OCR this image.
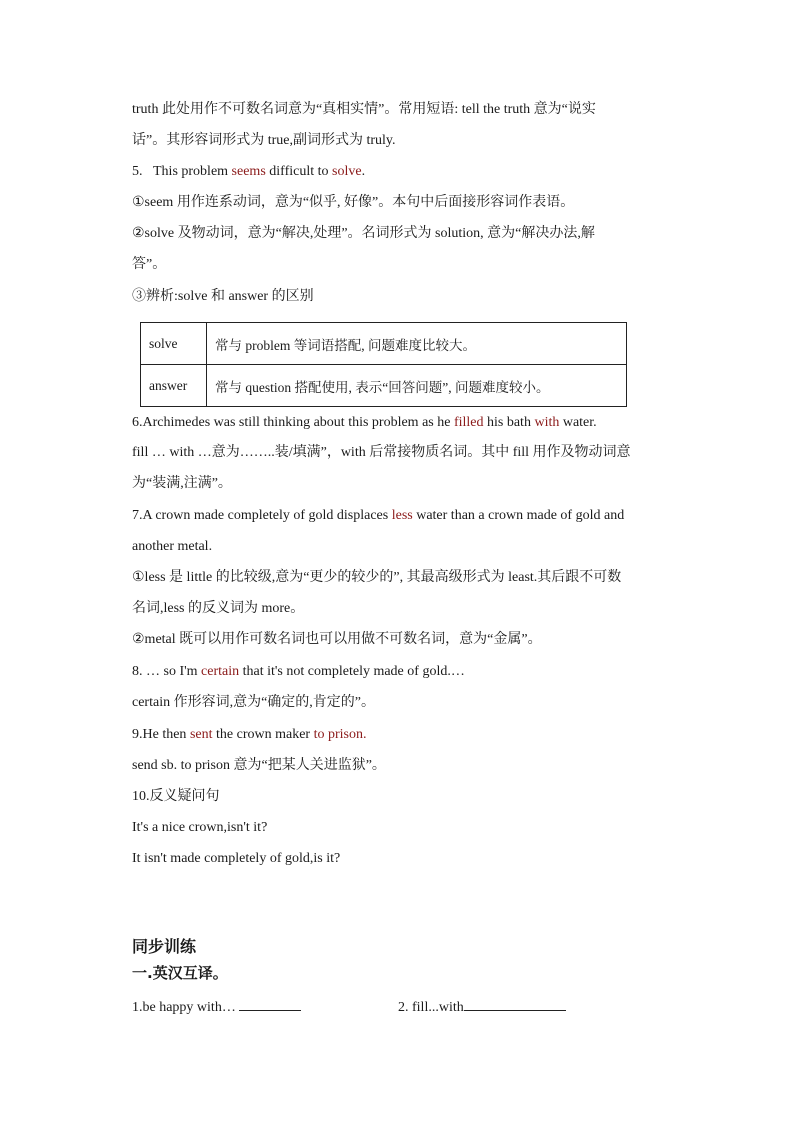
truth 此处用作不可数名词意为“真相实情”。常用短语: tell the truth 意为“说实
话”。其形容词形式为 true,副词形式为 truly.
5. This problem seems difficult to solve.
①seem 用作连系动词，意为“似乎, 好像”。本句中后面接形容词作表语。
②solve 及物动词，意为“解决,处理”。名词形式为 solution, 意为“解决办法,解
答”。
③辨析:solve 和 answer 的区别
solve	常与 problem 等词语搭配, 问题难度比较大。
answer	常与 question 搭配使用, 表示“回答问题”, 问题难度较小。
6.Archimedes was still thinking about this problem as he filled his bath with water.
fill … with …意为……..装/填满”，with 后常接物质名词。其中 fill 用作及物动词意
为“装满,注满”。
7.A crown made completely of gold displaces less water than a crown made of gold and
another metal.
①less 是 little 的比较级,意为“更少的较少的”, 其最高级形式为 least.其后跟不可数
名词,less 的反义词为 more。
②metal 既可以用作可数名词也可以用做不可数名词，意为“金属”。
8. … so I'm certain that it's not completely made of gold.…
certain 作形容词,意为“确定的,肯定的”。
9.He then sent the crown maker to prison.
send sb. to prison 意为“把某人关进监狱”。
10.反义疑问句
It's a nice crown,isn't it?
It isn't made completely of gold,is it?
同步训练
一.英汉互译。
1.be happy with…	2. fill...with
